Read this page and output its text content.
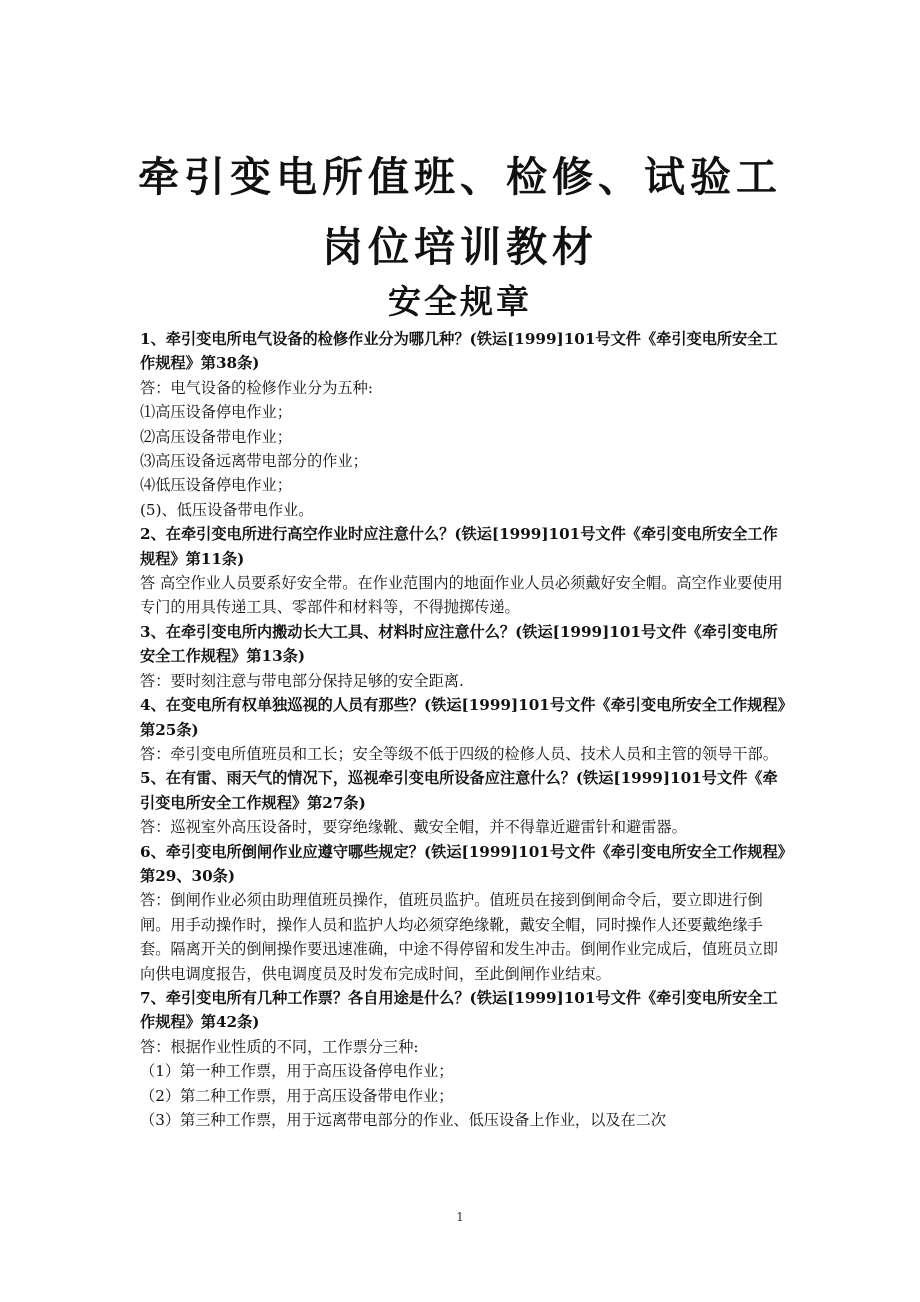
牵引变电所值班、检修、试验工
岗位培训教材
安全规章

1、牵引变电所电气设备的检修作业分为哪几种？(铁运[1999]101号文件《牵引变电所安全工作规程》第38条)

答：电气设备的检修作业分为五种:

⑴高压设备停电作业；

⑵高压设备带电作业；

⑶高压设备远离带电部分的作业；

⑷低压设备停电作业；

(5)、低压设备带电作业。

2、在牵引变电所进行高空作业时应注意什么？(铁运[1999]101号文件《牵引变电所安全工作规程》第11条)

答 高空作业人员要系好安全带。在作业范围内的地面作业人员必须戴好安全帽。高空作业要使用专门的用具传递工具、零部件和材料等，不得抛掷传递。

3、在牵引变电所内搬动长大工具、材料时应注意什么？(铁运[1999]101号文件《牵引变电所安全工作规程》第13条)

答：要时刻注意与带电部分保持足够的安全距离.

4、在变电所有权单独巡视的人员有那些？(铁运[1999]101号文件《牵引变电所安全工作规程》第25条)

答：牵引变电所值班员和工长；安全等级不低于四级的检修人员、技术人员和主管的领导干部。

5、在有雷、雨天气的情况下，巡视牵引变电所设备应注意什么？(铁运[1999]101号文件《牵引变电所安全工作规程》第27条)

答：巡视室外高压设备时，要穿绝缘靴、戴安全帽，并不得靠近避雷针和避雷器。

6、牵引变电所倒闸作业应遵守哪些规定？(铁运[1999]101号文件《牵引变电所安全工作规程》第29、30条)

答：倒闸作业必须由助理值班员操作，值班员监护。值班员在接到倒闸命令后，要立即进行倒闸。用手动操作时，操作人员和监护人均必须穿绝缘靴，戴安全帽，同时操作人还要戴绝缘手套。隔离开关的倒闸操作要迅速准确，中途不得停留和发生冲击。倒闸作业完成后，值班员立即向供电调度报告，供电调度员及时发布完成时间，至此倒闸作业结束。

7、牵引变电所有几种工作票？各自用途是什么？(铁运[1999]101号文件《牵引变电所安全工作规程》第42条)

答：根据作业性质的不同，工作票分三种:

（1）第一种工作票，用于高压设备停电作业；

（2）第二种工作票，用于高压设备带电作业；

（3）第三种工作票，用于远离带电部分的作业、低压设备上作业，以及在二次

1
